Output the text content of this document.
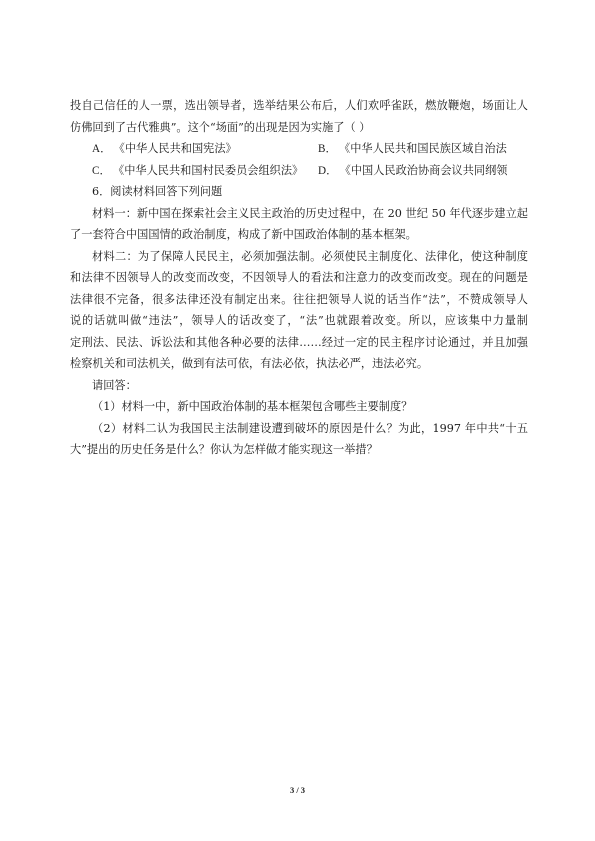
投自己信任的人一票，选出领导者，选举结果公布后，人们欢呼雀跃，燃放鞭炮，场面让人
仿佛回到了古代雅典”。这个“场面”的出现是因为实施了（ ）
A． 《中华人民共和国宪法》	B． 《中华人民共和国民族区域自治法
C． 《中华人民共和国村民委员会组织法》	D． 《中国人民政治协商会议共同纲领
6．阅读材料回答下列问题
材料一：新中国在探索社会主义民主政治的历史过程中，在 20 世纪 50 年代逐步建立起
了一套符合中国国情的政治制度，构成了新中国政治体制的基本框架。
材料二：为了保障人民民主，必须加强法制。必须使民主制度化、法律化，使这种制度
和法律不因领导人的改变而改变，不因领导人的看法和注意力的改变而改变。现在的问题是
法律很不完备，很多法律还没有制定出来。往往把领导人说的话当作“法”，不赞成领导人
说的话就叫做“违法”，领导人的话改变了，“法”也就跟着改变。所以，应该集中力量制
定刑法、民法、诉讼法和其他各种必要的法律……经过一定的民主程序讨论通过，并且加强
检察机关和司法机关，做到有法可依，有法必依，执法必严，违法必究。
请回答：
（1）材料一中，新中国政治体制的基本框架包含哪些主要制度？
（2）材料二认为我国民主法制建设遭到破坏的原因是什么？为此，1997 年中共“十五
大”提出的历史任务是什么？你认为怎样做才能实现这一举措？
3 / 3
